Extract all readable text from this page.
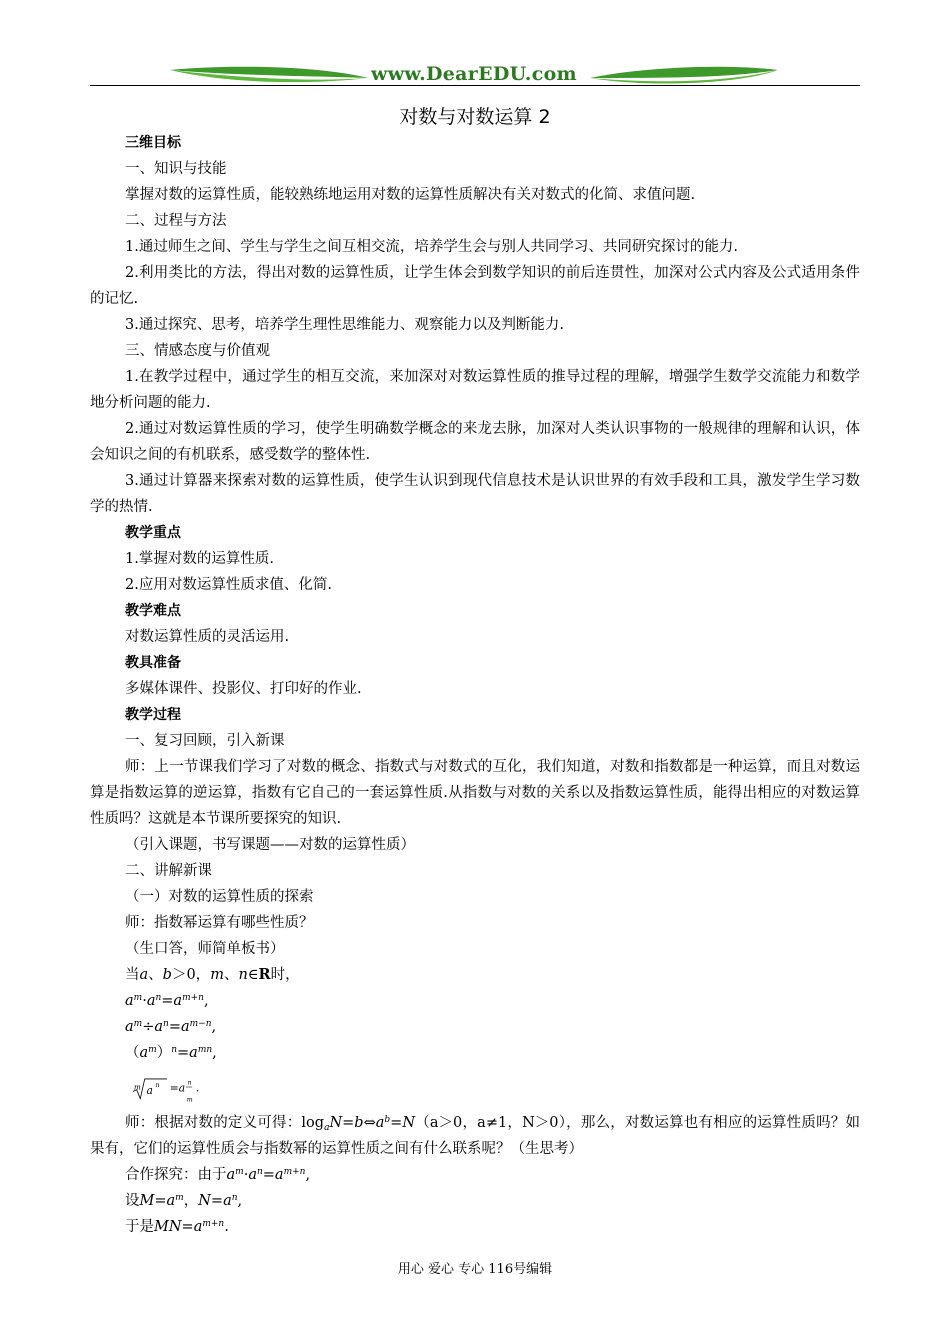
www.DearEDU.com
对数与对数运算 2

三维目标

一、知识与技能

掌握对数的运算性质，能较熟练地运用对数的运算性质解决有关对数式的化简、求值问题.

二、过程与方法

1.通过师生之间、学生与学生之间互相交流，培养学生会与别人共同学习、共同研究探讨的能力.

2.利用类比的方法，得出对数的运算性质，让学生体会到数学知识的前后连贯性，加深对公式内容及公式适用条件的记忆.

3.通过探究、思考，培养学生理性思维能力、观察能力以及判断能力.

三、情感态度与价值观

1.在教学过程中，通过学生的相互交流，来加深对对数运算性质的推导过程的理解，增强学生数学交流能力和数学地分析问题的能力.

2.通过对数运算性质的学习，使学生明确数学概念的来龙去脉，加深对人类认识事物的一般规律的理解和认识，体会知识之间的有机联系，感受数学的整体性.

3.通过计算器来探索对数的运算性质，使学生认识到现代信息技术是认识世界的有效手段和工具，激发学生学习数学的热情.

教学重点

1.掌握对数的运算性质.

2.应用对数运算性质求值、化简.

教学难点

对数运算性质的灵活运用.

教具准备

多媒体课件、投影仪、打印好的作业.

教学过程

一、复习回顾，引入新课

师：上一节课我们学习了对数的概念、指数式与对数式的互化，我们知道，对数和指数都是一种运算，而且对数运算是指数运算的逆运算，指数有它自己的一套运算性质.从指数与对数的关系以及指数运算性质，能得出相应的对数运算性质吗？这就是本节课所要探究的知识.

（引入课题，书写课题——对数的运算性质）

二、讲解新课

（一）对数的运算性质的探索

师：指数幂运算有哪些性质？

（生口答，师简单板书）

当a、b＞0，m、n∈R时，

$a^m\cdot a^n=a^{m+n}$,

$a^m\div a^n=a^{m-n}$,

$(a^m)^n=a^{mn}$,

m a n = a n
m
.

师：根据对数的定义可得：$\log_aN=b\Leftrightarrow a^b=N(a>0$，a≠1，N＞0），那么，对数运算也有相应的运算性质吗？如果有，它们的运算性质会与指数幂的运算性质之间有什么联系呢？（生思考）

合作探究：由于$a^m\cdot a^n=a^{m+n}$,

设$M=a^m$，$N=a^n$,

于是$MN=a^{m+n}$.

用心 爱心 专心 116号编辑
